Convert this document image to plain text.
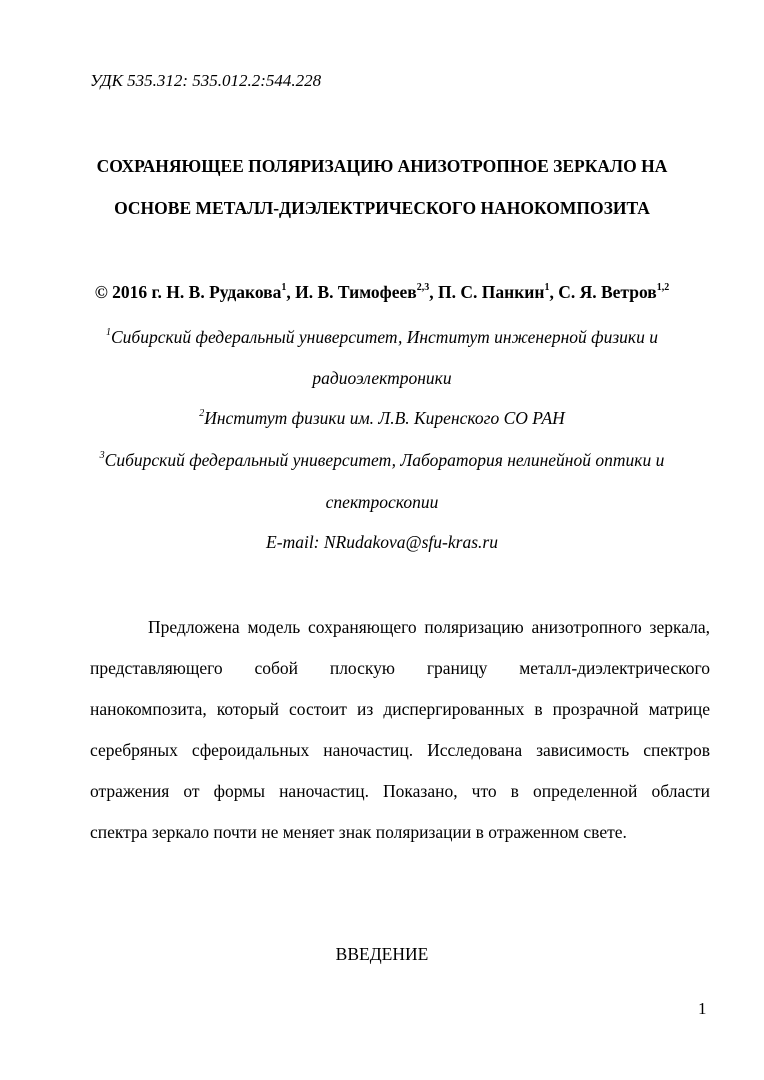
УДК 535.312: 535.012.2:544.228
СОХРАНЯЮЩЕЕ ПОЛЯРИЗАЦИЮ АНИЗОТРОПНОЕ ЗЕРКАЛО НА
ОСНОВЕ МЕТАЛЛ-ДИЭЛЕКТРИЧЕСКОГО НАНОКОМПОЗИТА
© 2016 г. Н. В. Рудакова$^1$, И. В. Тимофеев$^{2,3}$, П. С. Панкин$^1$, С. Я. Ветров$^{1,2}$
$^1$Сибирский федеральный университет, Институт инженерной физики и
радиоэлектроники
$^2$Институт физики им. Л.В. Киренского СО РАН
$^3$Сибирский федеральный университет, Лаборатория нелинейной оптики и
спектроскопии
E-mail: NRudakova@sfu-kras.ru
Предложена модель сохраняющего поляризацию анизотропного зеркала,
представляющего собой плоскую границу металл-диэлектрического
нанокомпозита, который состоит из диспергированных в прозрачной матрице
серебряных сфероидальных наночастиц. Исследована зависимость спектров
отражения от формы наночастиц. Показано, что в определенной области
спектра зеркало почти не меняет знак поляризации в отраженном свете.
ВВЕДЕНИЕ
1
